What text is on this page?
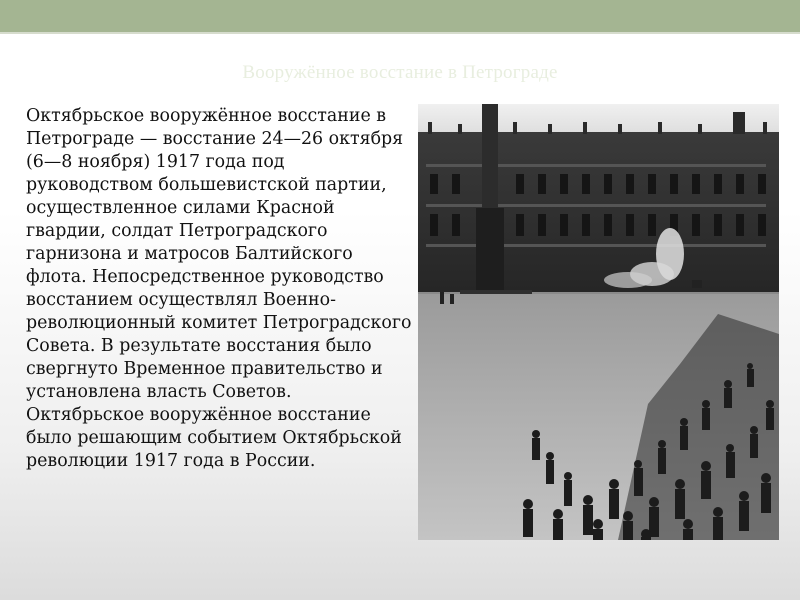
Вооружённое восстание в Петрограде

Октябрьское вооружённое восстание в Петрограде — восстание 24—26 октября (6—8 ноября) 1917 года под руководством большевистской партии, осуществленное силами Красной гвардии, солдат Петроградского гарнизона и матросов Балтийского флота. Непосредственное руководство восстанием осуществлял Военно-революционный комитет Петроградского Совета. В результате восстания было свергнуто Временное правительство и установлена власть Советов. Октябрьское вооружённое восстание было решающим событием Октябрьской революции 1917 года в России.
